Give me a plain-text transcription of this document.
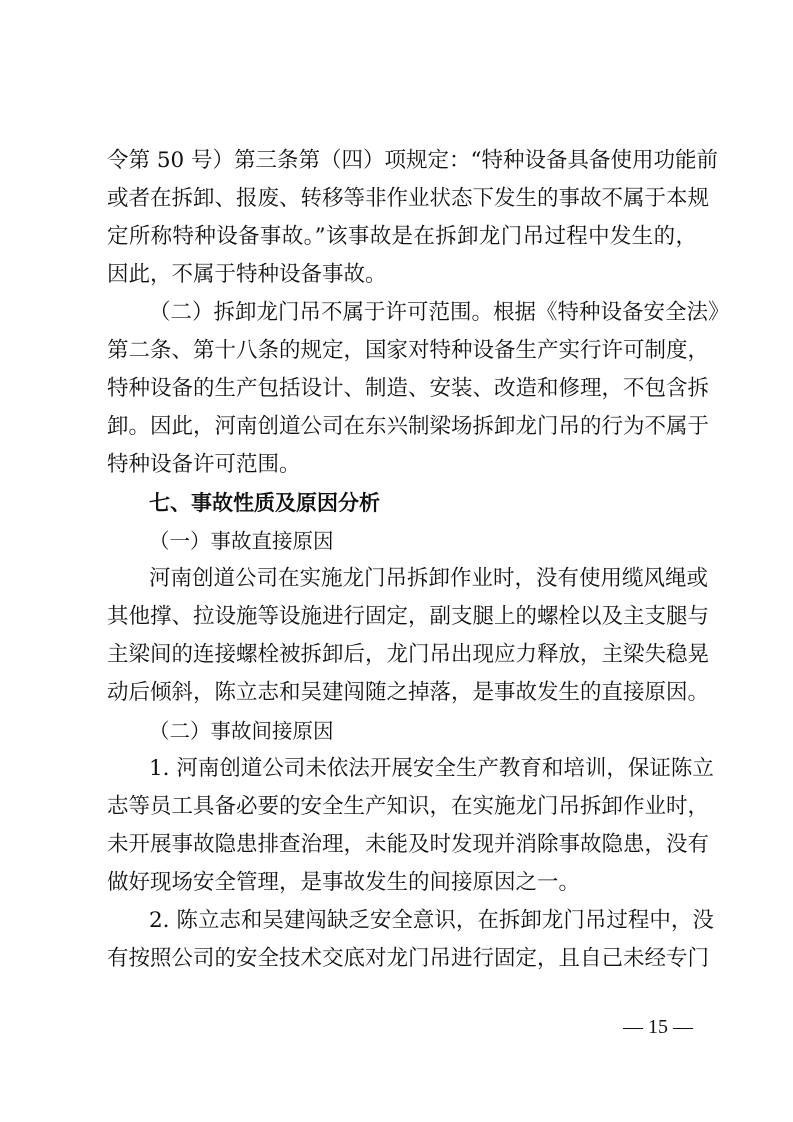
令第 50 号）第三条第（四）项规定：“特种设备具备使用功能前
或者在拆卸、报废、转移等非作业状态下发生的事故不属于本规
定所称特种设备事故。”该事故是在拆卸龙门吊过程中发生的，
因此，不属于特种设备事故。
（二）拆卸龙门吊不属于许可范围。根据《特种设备安全法》
第二条、第十八条的规定，国家对特种设备生产实行许可制度，
特种设备的生产包括设计、制造、安装、改造和修理，不包含拆
卸。因此，河南创道公司在东兴制梁场拆卸龙门吊的行为不属于
特种设备许可范围。
七、事故性质及原因分析
（一）事故直接原因
河南创道公司在实施龙门吊拆卸作业时，没有使用缆风绳或
其他撑、拉设施等设施进行固定，副支腿上的螺栓以及主支腿与
主梁间的连接螺栓被拆卸后，龙门吊出现应力释放，主梁失稳晃
动后倾斜，陈立志和吴建闯随之掉落，是事故发生的直接原因。
（二）事故间接原因
1. 河南创道公司未依法开展安全生产教育和培训，保证陈立
志等员工具备必要的安全生产知识，在实施龙门吊拆卸作业时，
未开展事故隐患排查治理，未能及时发现并消除事故隐患，没有
做好现场安全管理，是事故发生的间接原因之一。
2. 陈立志和吴建闯缺乏安全意识，在拆卸龙门吊过程中，没
有按照公司的安全技术交底对龙门吊进行固定，且自己未经专门
— 15 —
